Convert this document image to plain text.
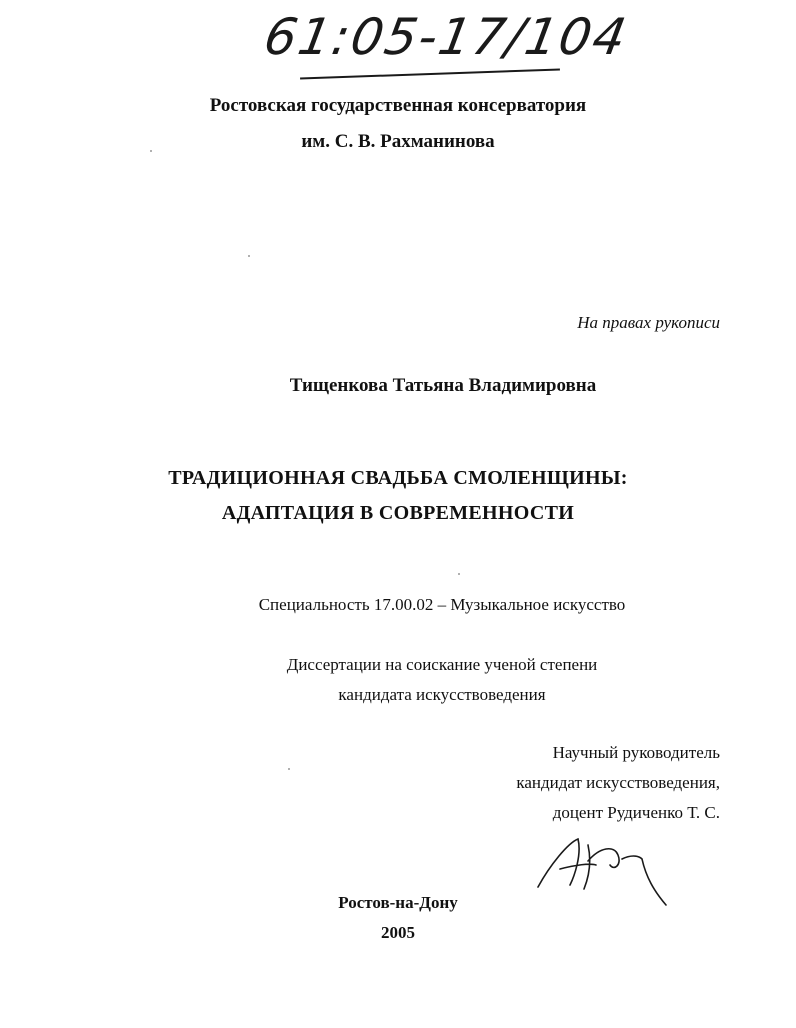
61:05-17/104
Ростовская государственная консерватория
им. С. В. Рахманинова
На правах рукописи
Тищенкова Татьяна Владимировна
ТРАДИЦИОННАЯ СВАДЬБА СМОЛЕНЩИНЫ:
АДАПТАЦИЯ В СОВРЕМЕННОСТИ
Специальность 17.00.02 – Музыкальное искусство
Диссертации на соискание ученой степени
кандидата искусствоведения
Научный руководитель
кандидат искусствоведения,
доцент Рудиченко Т. С.
Ростов-на-Дону
2005
